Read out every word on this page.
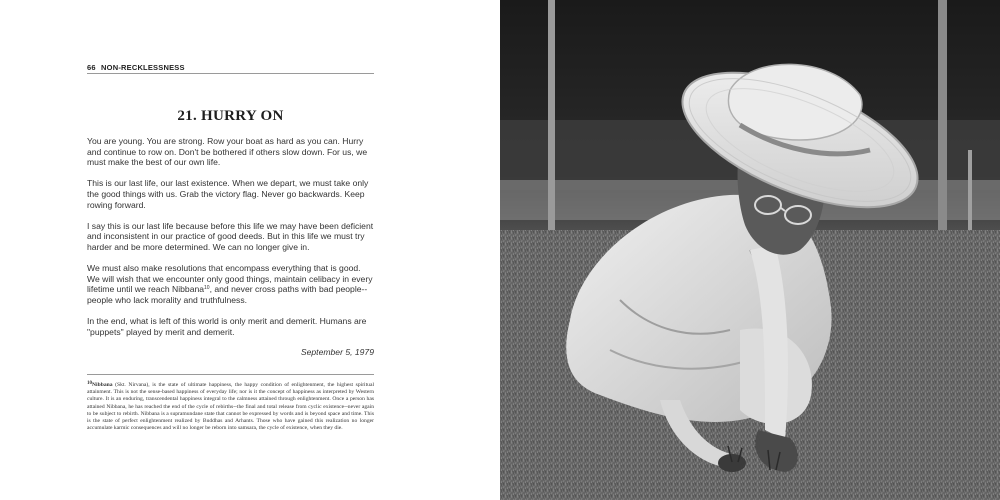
66 NON-RECKLESSNESS
21. HURRY ON

You are young. You are strong. Row your boat as hard as you can. Hurry and continue to row on. Don't be bothered if others slow down. For us, we must make the best of our own life.

This is our last life, our last existence. When we depart, we must take only the good things with us. Grab the victory flag. Never go backwards. Keep rowing forward.

I say this is our last life because before this life we may have been deficient and inconsistent in our practice of good deeds. But in this life we must try harder and be more determined. We can no longer give in.

We must also make resolutions that encompass everything that is good. We will wish that we encounter only good things, maintain celibacy in every lifetime until we reach Nibbana$^{10}$, and never cross paths with bad people--people who lack morality and truthfulness.

In the end, what is left of this world is only merit and demerit. Humans are "puppets" played by merit and demerit.

September 5, 1979
10Nibbana (Skt. Nirvana), is the state of ultimate happiness, the happy condition of enlightenment, the highest spiritual attainment. This is not the sense-based happiness of everyday life; nor is it the concept of happiness as interpreted by Western culture. It is an enduring, transcendental happiness integral to the calmness attained through enlightenment. Once a person has attained Nibbana, he has reached the end of the cycle of rebirths--the final and total release from cyclic existence--never again to be subject to rebirth. Nibbana is a supramundane state that cannot be expressed by words and is beyond space and time. This is the state of perfect enlightenment realized by Buddhas and Arhants. Those who have gained this realization no longer accumulate karmic consequences and will no longer be reborn into samsara, the cycle of existence, when they die.
